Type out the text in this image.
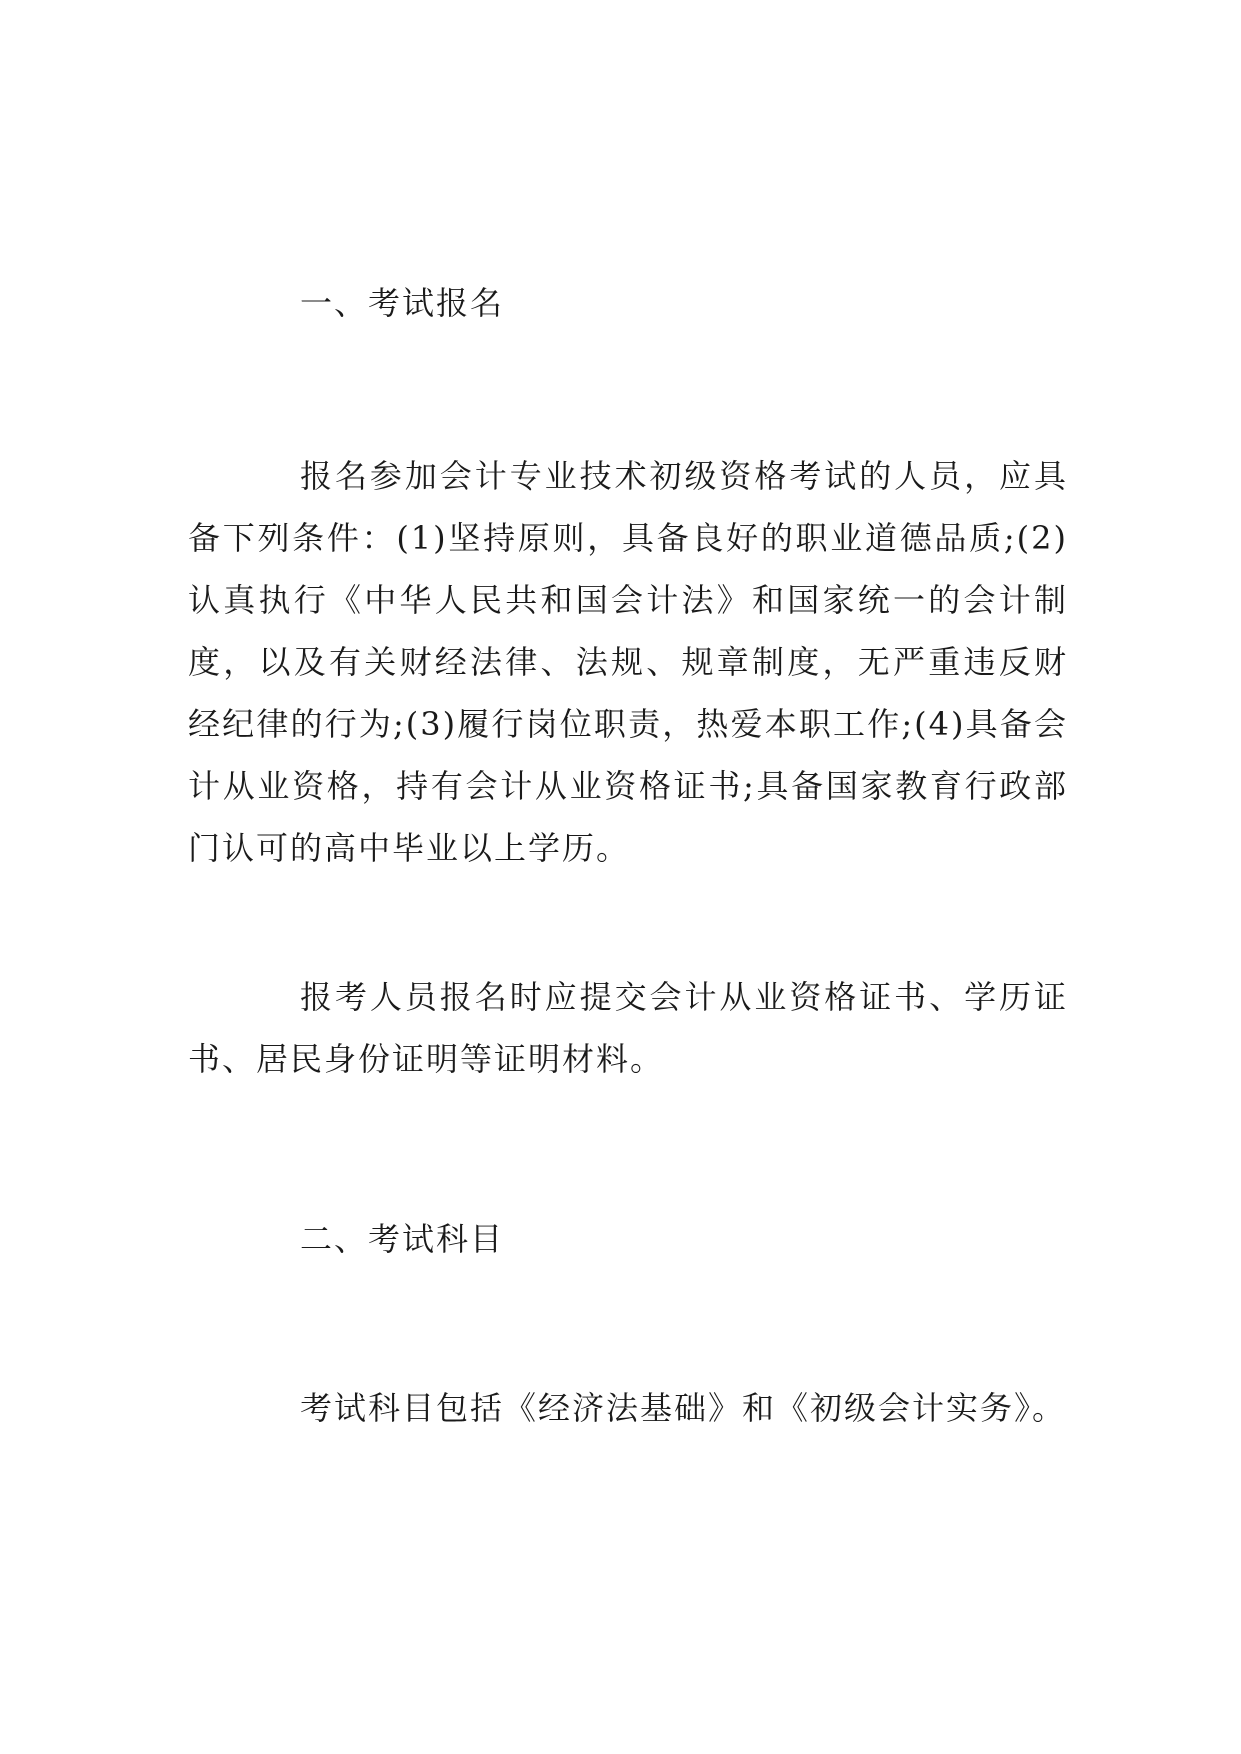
一、考试报名
报名参加会计专业技术初级资格考试的人员，应具备下列条件：(1)坚持原则，具备良好的职业道德品质;(2)认真执行《中华人民共和国会计法》和国家统一的会计制度，以及有关财经法律、法规、规章制度，无严重违反财经纪律的行为;(3)履行岗位职责，热爱本职工作;(4)具备会计从业资格，持有会计从业资格证书;具备国家教育行政部门认可的高中毕业以上学历。
报考人员报名时应提交会计从业资格证书、学历证书、居民身份证明等证明材料。
二、考试科目
考试科目包括《经济法基础》和《初级会计实务》。
